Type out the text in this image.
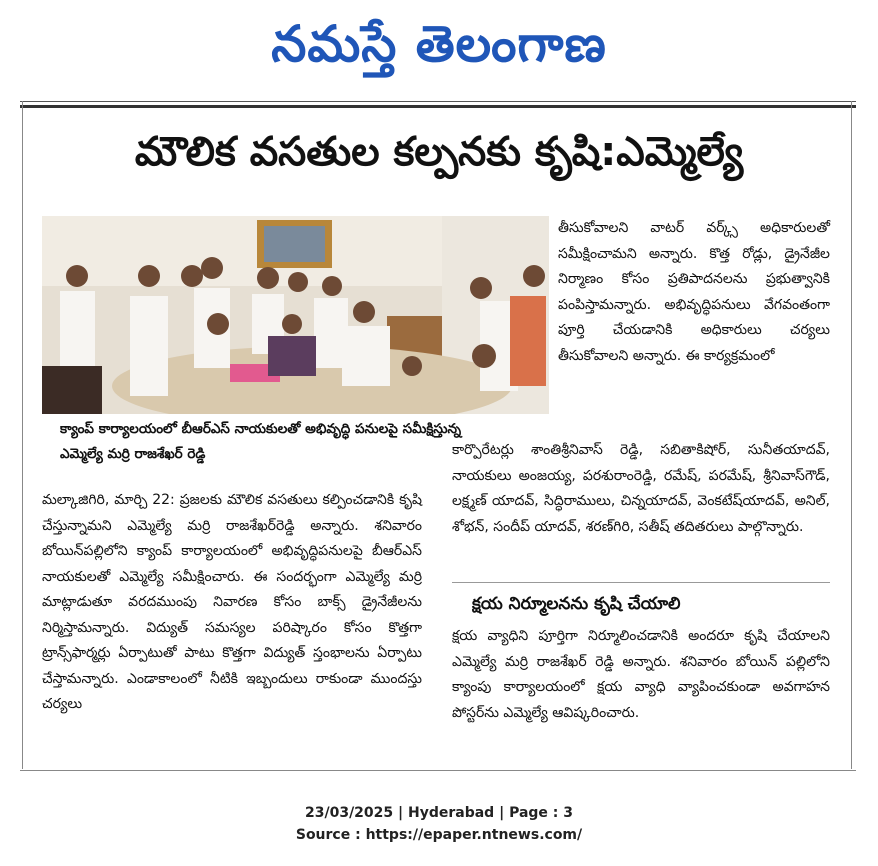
నమస్తే తెలంగాణ
మౌలిక వసతుల కల్పనకు కృషి:ఎమ్మెల్యే
క్యాంప్ కార్యాలయంలో బీఆర్ఎస్ నాయకులతో అభివృద్ధి పనులపై సమీక్షిస్తున్న ఎమ్మెల్యే మర్రి రాజశేఖర్ రెడ్డి

మల్కాజిగిరి, మార్చి 22: ప్రజలకు మౌలిక వసతులు కల్పించడానికి కృషి చేస్తున్నామని ఎమ్మెల్యే మర్రి రాజశేఖర్‌రెడ్డి అన్నారు. శనివారం బోయిన్‌పల్లిలోని క్యాంప్ కార్యాలయంలో అభివృద్ధిపనులపై బీఆర్ఎస్ నాయకులతో ఎమ్మెల్యే సమీక్షించారు. ఈ సందర్భంగా ఎమ్మెల్యే మర్రి మాట్లాడుతూ వరదముంపు నివారణ కోసం బాక్స్ డ్రైనేజీలను నిర్మిస్తామన్నారు. విద్యుత్ సమస్యల పరిష్కారం కోసం కొత్తగా ట్రాన్స్‌ఫార్మర్లు ఏర్పాటుతో పాటు కొత్తగా విద్యుత్ స్తంభాలను ఏర్పాటు చేస్తామన్నారు. ఎండాకాలంలో నీటికి ఇబ్బందులు రాకుండా ముందస్తు చర్యలు

తీసుకోవాలని వాటర్ వర్క్స్ అధికారులతో సమీక్షించామని అన్నారు. కొత్త రోడ్లు, డ్రైనేజీల నిర్మాణం కోసం ప్రతిపాదనలను ప్రభుత్వానికి పంపిస్తామన్నారు. అభివృద్ధిపనులు వేగవంతంగా పూర్తి చేయడానికి అధికారులు చర్యలు తీసుకోవాలని అన్నారు. ఈ కార్యక్రమంలో

కార్పొరేటర్లు శాంతిశ్రీనివాస్ రెడ్డి, సబితాకిషోర్, సునీతయాదవ్, నాయకులు అంజయ్య, పరశురాంరెడ్డి, రమేష్, పరమేష్, శ్రీనివాస్‌గౌడ్, లక్ష్మణ్ యాదవ్, సిద్ధిరాములు, చిన్నయాదవ్, వెంకటేష్‌యాదవ్, అనిల్, శోభన్, సందీప్ యాదవ్, శరణ్‌గిరి, సతీష్ తదితరులు పాల్గొన్నారు.

క్షయ నిర్మూలనను కృషి చేయాలి

క్షయ వ్యాధిని పూర్తిగా నిర్మూలించడానికి అందరూ కృషి చేయాలని ఎమ్మెల్యే మర్రి రాజశేఖర్ రెడ్డి అన్నారు. శనివారం బోయిన్ పల్లిలోని క్యాంపు కార్యాలయంలో క్షయ వ్యాధి వ్యాపించకుండా అవగాహన పోస్టర్‌ను ఎమ్మెల్యే ఆవిష్కరించారు.

23/03/2025 | Hyderabad | Page : 3
Source : https://epaper.ntnews.com/
